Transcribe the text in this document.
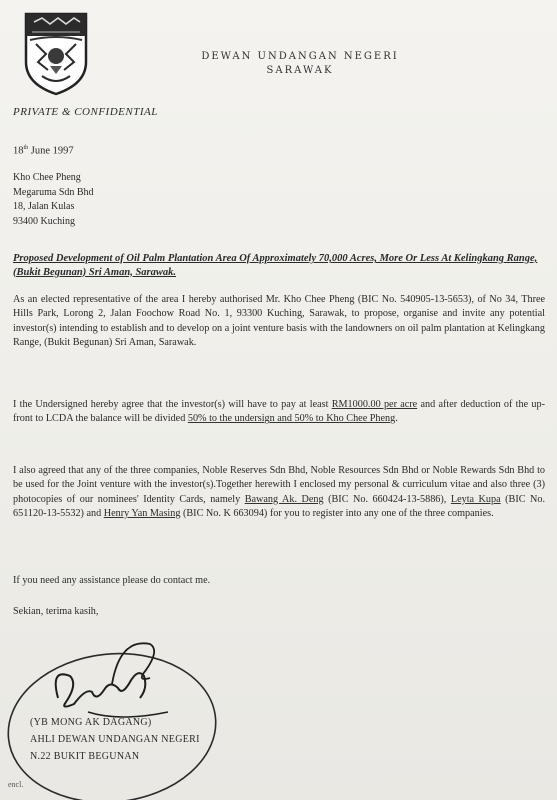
DEWAN UNDANGAN NEGERI
SARAWAK
PRIVATE & CONFIDENTIAL
18th June 1997
Kho Chee Pheng
Megaruma Sdn Bhd
18, Jalan Kulas
93400 Kuching
Proposed Development of Oil Palm Plantation Area Of Approximately 70,000 Acres, More Or Less At Kelingkang Range, (Bukit Begunan) Sri Aman, Sarawak.
As an elected representative of the area I hereby authorised Mr. Kho Chee Pheng (BIC No. 540905-13-5653), of No 34, Three Hills Park, Lorong 2, Jalan Foochow Road No. 1, 93300 Kuching, Sarawak, to propose, organise and invite any potential investor(s) intending to establish and to develop on a joint venture basis with the landowners on oil palm plantation at Kelingkang Range, (Bukit Begunan) Sri Aman, Sarawak.
I the Undersigned hereby agree that the investor(s) will have to pay at least RM1000.00 per acre and after deduction of the up-front to LCDA the balance will be divided 50% to the undersign and 50% to Kho Chee Pheng.
I also agreed that any of the three companies, Noble Reserves Sdn Bhd, Noble Resources Sdn Bhd or Noble Rewards Sdn Bhd to be used for the Joint venture with the investor(s).Together herewith I enclosed my personal & curriculum vitae and also three (3) photocopies of our nominees' Identity Cards, namely Bawang Ak. Deng (BIC No. 660424-13-5886), Leyta Kupa (BIC No. 651120-13-5532) and Henry Yan Masing (BIC No. K 663094) for you to register into any one of the three companies.
If you need any assistance please do contact me.
Sekian, terima kasih,
(YB MONG AK DAGANG)
AHLI DEWAN UNDANGAN NEGERI
N.22 BUKIT BEGUNAN
encl.
